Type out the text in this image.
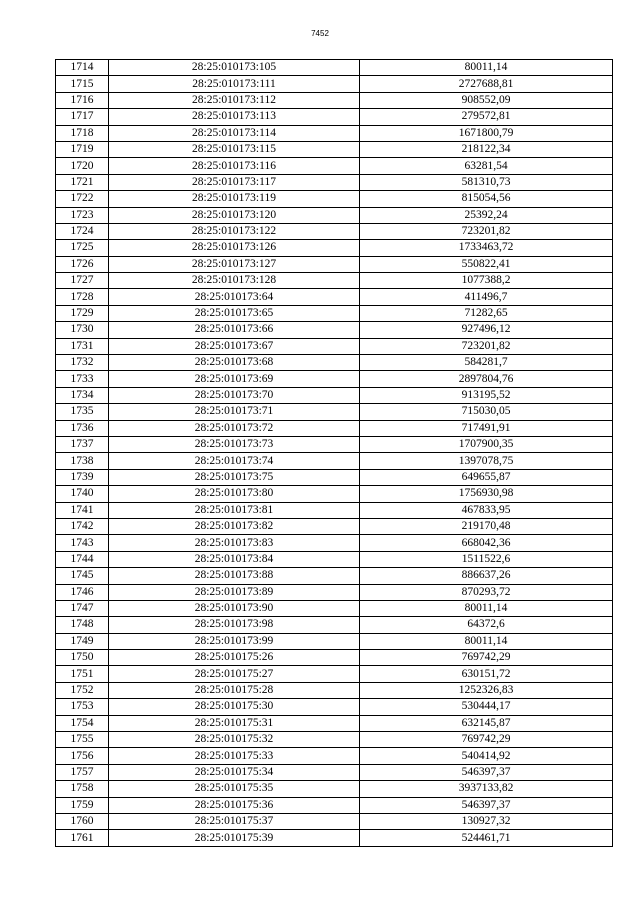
7452
1714	28:25:010173:105	80011,14
1715	28:25:010173:111	2727688,81
1716	28:25:010173:112	908552,09
1717	28:25:010173:113	279572,81
1718	28:25:010173:114	1671800,79
1719	28:25:010173:115	218122,34
1720	28:25:010173:116	63281,54
1721	28:25:010173:117	581310,73
1722	28:25:010173:119	815054,56
1723	28:25:010173:120	25392,24
1724	28:25:010173:122	723201,82
1725	28:25:010173:126	1733463,72
1726	28:25:010173:127	550822,41
1727	28:25:010173:128	1077388,2
1728	28:25:010173:64	411496,7
1729	28:25:010173:65	71282,65
1730	28:25:010173:66	927496,12
1731	28:25:010173:67	723201,82
1732	28:25:010173:68	584281,7
1733	28:25:010173:69	2897804,76
1734	28:25:010173:70	913195,52
1735	28:25:010173:71	715030,05
1736	28:25:010173:72	717491,91
1737	28:25:010173:73	1707900,35
1738	28:25:010173:74	1397078,75
1739	28:25:010173:75	649655,87
1740	28:25:010173:80	1756930,98
1741	28:25:010173:81	467833,95
1742	28:25:010173:82	219170,48
1743	28:25:010173:83	668042,36
1744	28:25:010173:84	1511522,6
1745	28:25:010173:88	886637,26
1746	28:25:010173:89	870293,72
1747	28:25:010173:90	80011,14
1748	28:25:010173:98	64372,6
1749	28:25:010173:99	80011,14
1750	28:25:010175:26	769742,29
1751	28:25:010175:27	630151,72
1752	28:25:010175:28	1252326,83
1753	28:25:010175:30	530444,17
1754	28:25:010175:31	632145,87
1755	28:25:010175:32	769742,29
1756	28:25:010175:33	540414,92
1757	28:25:010175:34	546397,37
1758	28:25:010175:35	3937133,82
1759	28:25:010175:36	546397,37
1760	28:25:010175:37	130927,32
1761	28:25:010175:39	524461,71
